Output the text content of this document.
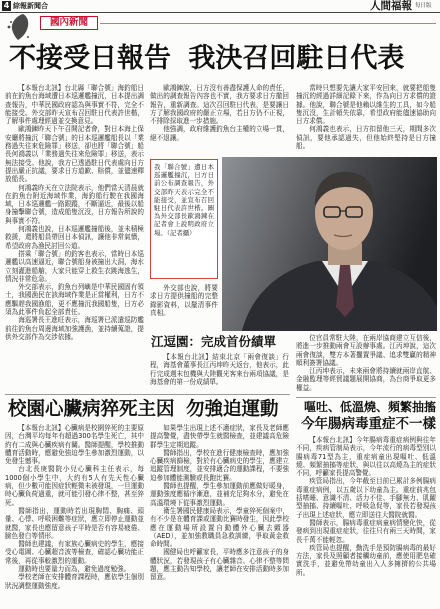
4 綜報新聞合	人間福報 每日版
國內新聞
不接受日報告 我決召回駐日代表

【本報台北訊】台北縣「聯合號」海釣船日前在釣魚台海域遭日本巡邏艦撞沉，日本提出調查報告，中華民國政府認為與事實不符，完全不能接受。外交部昨天宣布召回駐日代表許世楷，了解事件處理經過並交換意見。

歐鴻鍊昨天下午召開記者會，對日本海上保安廳將撞沉「聯合號」的日本巡邏艦船長以「業務過失往來危險罪」移送，卻也將「聯合號」船長何鴻義以「業務過失往來危險罪」移送，表示無法接受。他說，我方已透過駐日代表處向日方提出嚴正抗議，要求日方道歉、賠償，並儘速釋放船長。

何鴻義昨天在立法院表示，他們當天清晨就在釣魚台附近海域作業，海釣船行駛在我國海域，日本巡邏艦一路跟蹤，不斷逼近，最後以船身撞擊聯合號，造成船隻沉沒，日方報告所說的與事實不符。

何鴻義也說，日本巡邏艦撞船後，並未積極救援，還將船員帶回日本偵訊，讓他非常氣憤，希望政府為漁民討回公道。

搭乘「聯合號」的釣客也表示，當時日本巡邏艦以高速逼近，聯合號船身被撞出大洞，海水立刻灌進船艙，大家只能穿上救生衣跳海逃生，情況非常危急。

外交部表示，釣魚台列嶼是中華民國固有領土，我國漁民在該海域作業是正當權利，日方不應驅趕我國漁船，更不應撞沉我國船隻，日方必須為此事件負起全部責任。

海巡署長王進旺表示，海巡署已派遣巡防艦前往釣魚台周邊海域加強護漁，並持續蒐證，提供外交部作為交涉依據。

歐鴻鍊說，日方沒有善盡保護人命的責任，做出的調查報告內容也不實，我方要求日方撤回報告，重新調查。這次召回駐日代表，是要讓日方了解我國政府的嚴正立場，若日方仍不正視，不排除採取進一步措施。

他強調，政府維護釣魚台主權的立場一貫，絕不退讓。

當時只想要先讓大家平安回來，就要把船隻撞沉的經過詳細記錄下來，作為向日方求償的證據。他說，聯合號是他賴以維生的工具，如今船隻沉沒，生計頓失依靠，希望政府能儘速協助向日方求償。

何鴻義也表示，日方扣留他三天，期間多次偵訊，要他承認過失，但他始終堅持是日方撞船。

我「聯合號」遭日本巡邏艦撞沉，日方日前公布調查報告，外交部昨天表示完全不能接受，並宣布召回駐日代表許世楷。圖為外交部長歐鴻鍊在記者會上說明政府立場。（記者攝）

外交部也說，將要求日方提供撞船的完整錄影資料，以釐清事件真相。

江逗園：完成首份績單

【本報台北訊】結束北京「兩會復談」行程，海基會董事長江丙坤昨天返台，他表示，此行完成週末包機與大陸觀光客來台兩項協議，是海基會的第一份成績單。

位官員常駐大陸，在兩岸協商建立互信後，將進一步推動兩會互設辦事處。江丙坤說，這次兩會復談，雙方本著擱置爭議、追求雙贏的精神順利簽署協議。

江丙坤表示，未來兩會將持續就兩岸直航、金融監理等經貿議題展開協商，為台商爭取更多權益。

校園心臟病猝死主因 勿強迫運動

【本報台北訊】心臟病是校園猝死的主要原因，台灣平均每年有超過300名學生死亡，其中約有二成與心臟疾病有關。醫師提醒，學校推動體育活動時，應避免強迫學生參加激烈運動，以免發生憾事。

台北長庚醫院小兒心臟科主任表示，每1000個小學生中，大約有5人有先天性心臟病，但少數可能因症狀輕微未被發現，一旦運動時心臟負荷過重，就可能引發心律不整，甚至猝死。

醫師指出，運動時若出現胸悶、胸痛、頭暈、心悸、呼吸困難等症狀，應立即停止運動並就醫，家長也應留意孩子平時是否有容易疲倦、臉色發白等情形。

醫師也建議，有家族心臟病史的學生，應接受心電圖、心臟超音波等檢查，確認心臟功能正常後，再從事較激烈的運動。

運動時也要量力而為，避免過度勉強。

學校老師在安排體育課程時，應依學生個別狀況調整運動強度。

如果學生出現上述不適症狀，家長及老師應提高警覺，盡快帶學生就醫檢查，並建議高危險群學生定期追蹤。

醫師指出，學校在進行健康檢查時，應加強心臟疾病篩檢，對於有心臟病史的學生，應建立追蹤管理制度，並安排適合的運動課程，不要強迫參加體能測驗或長跑比賽。

醫師也提醒，學生參加運動前應做好暖身，運動強度應循序漸進，並補充足夠水分，避免在高溫環境下從事激烈運動。

衛生署國民健康局表示，學童猝死個案中，有不少是在體育課或運動比賽時發生，因此學校應在運動場所設置自動體外心臟去顫器（AED），並加強教職員急救訓練，爭取黃金救命時間。

國健局也呼籲家長，平時應多注意孩子的身體狀況，若發現孩子有心臟雜音、心律不整等問題，應主動告知學校，讓老師在安排活動時多加留意。

嘔吐、低溫燒、頻繁抽搐
今年腸病毒重症不一樣

【本報台北訊】今年腸病毒重症病例與往年不同，疾病管制局表示，今年流行的病毒型別以腸病毒71型為主，重症病童出現嘔吐、低溫燒、頻繁抽搐等症狀，與以往以高燒為主的症狀不同，呼籲家長提高警覺。

疾管局指出，今年截至目前已累計多例腸病毒重症病例，以五歲以下幼童為主。重症前兆包括嗜睡、意識不清、活力不佳、手腳無力、肌躍型抽搐、持續嘔吐、呼吸急促等，家長若發現孩子出現上述症狀，應立即送往大醫院就醫。

醫師表示，腸病毒重症病童病情變化快，從發病到出現重症症狀，往往只有兩三天時間，家長千萬不能輕忽。

疾管局也提醒，勤洗手是預防腸病毒的最好方法，家長及照顧者接觸幼童前，應使用肥皂確實洗手，並避免帶幼童出入人多擁擠的公共場所。
